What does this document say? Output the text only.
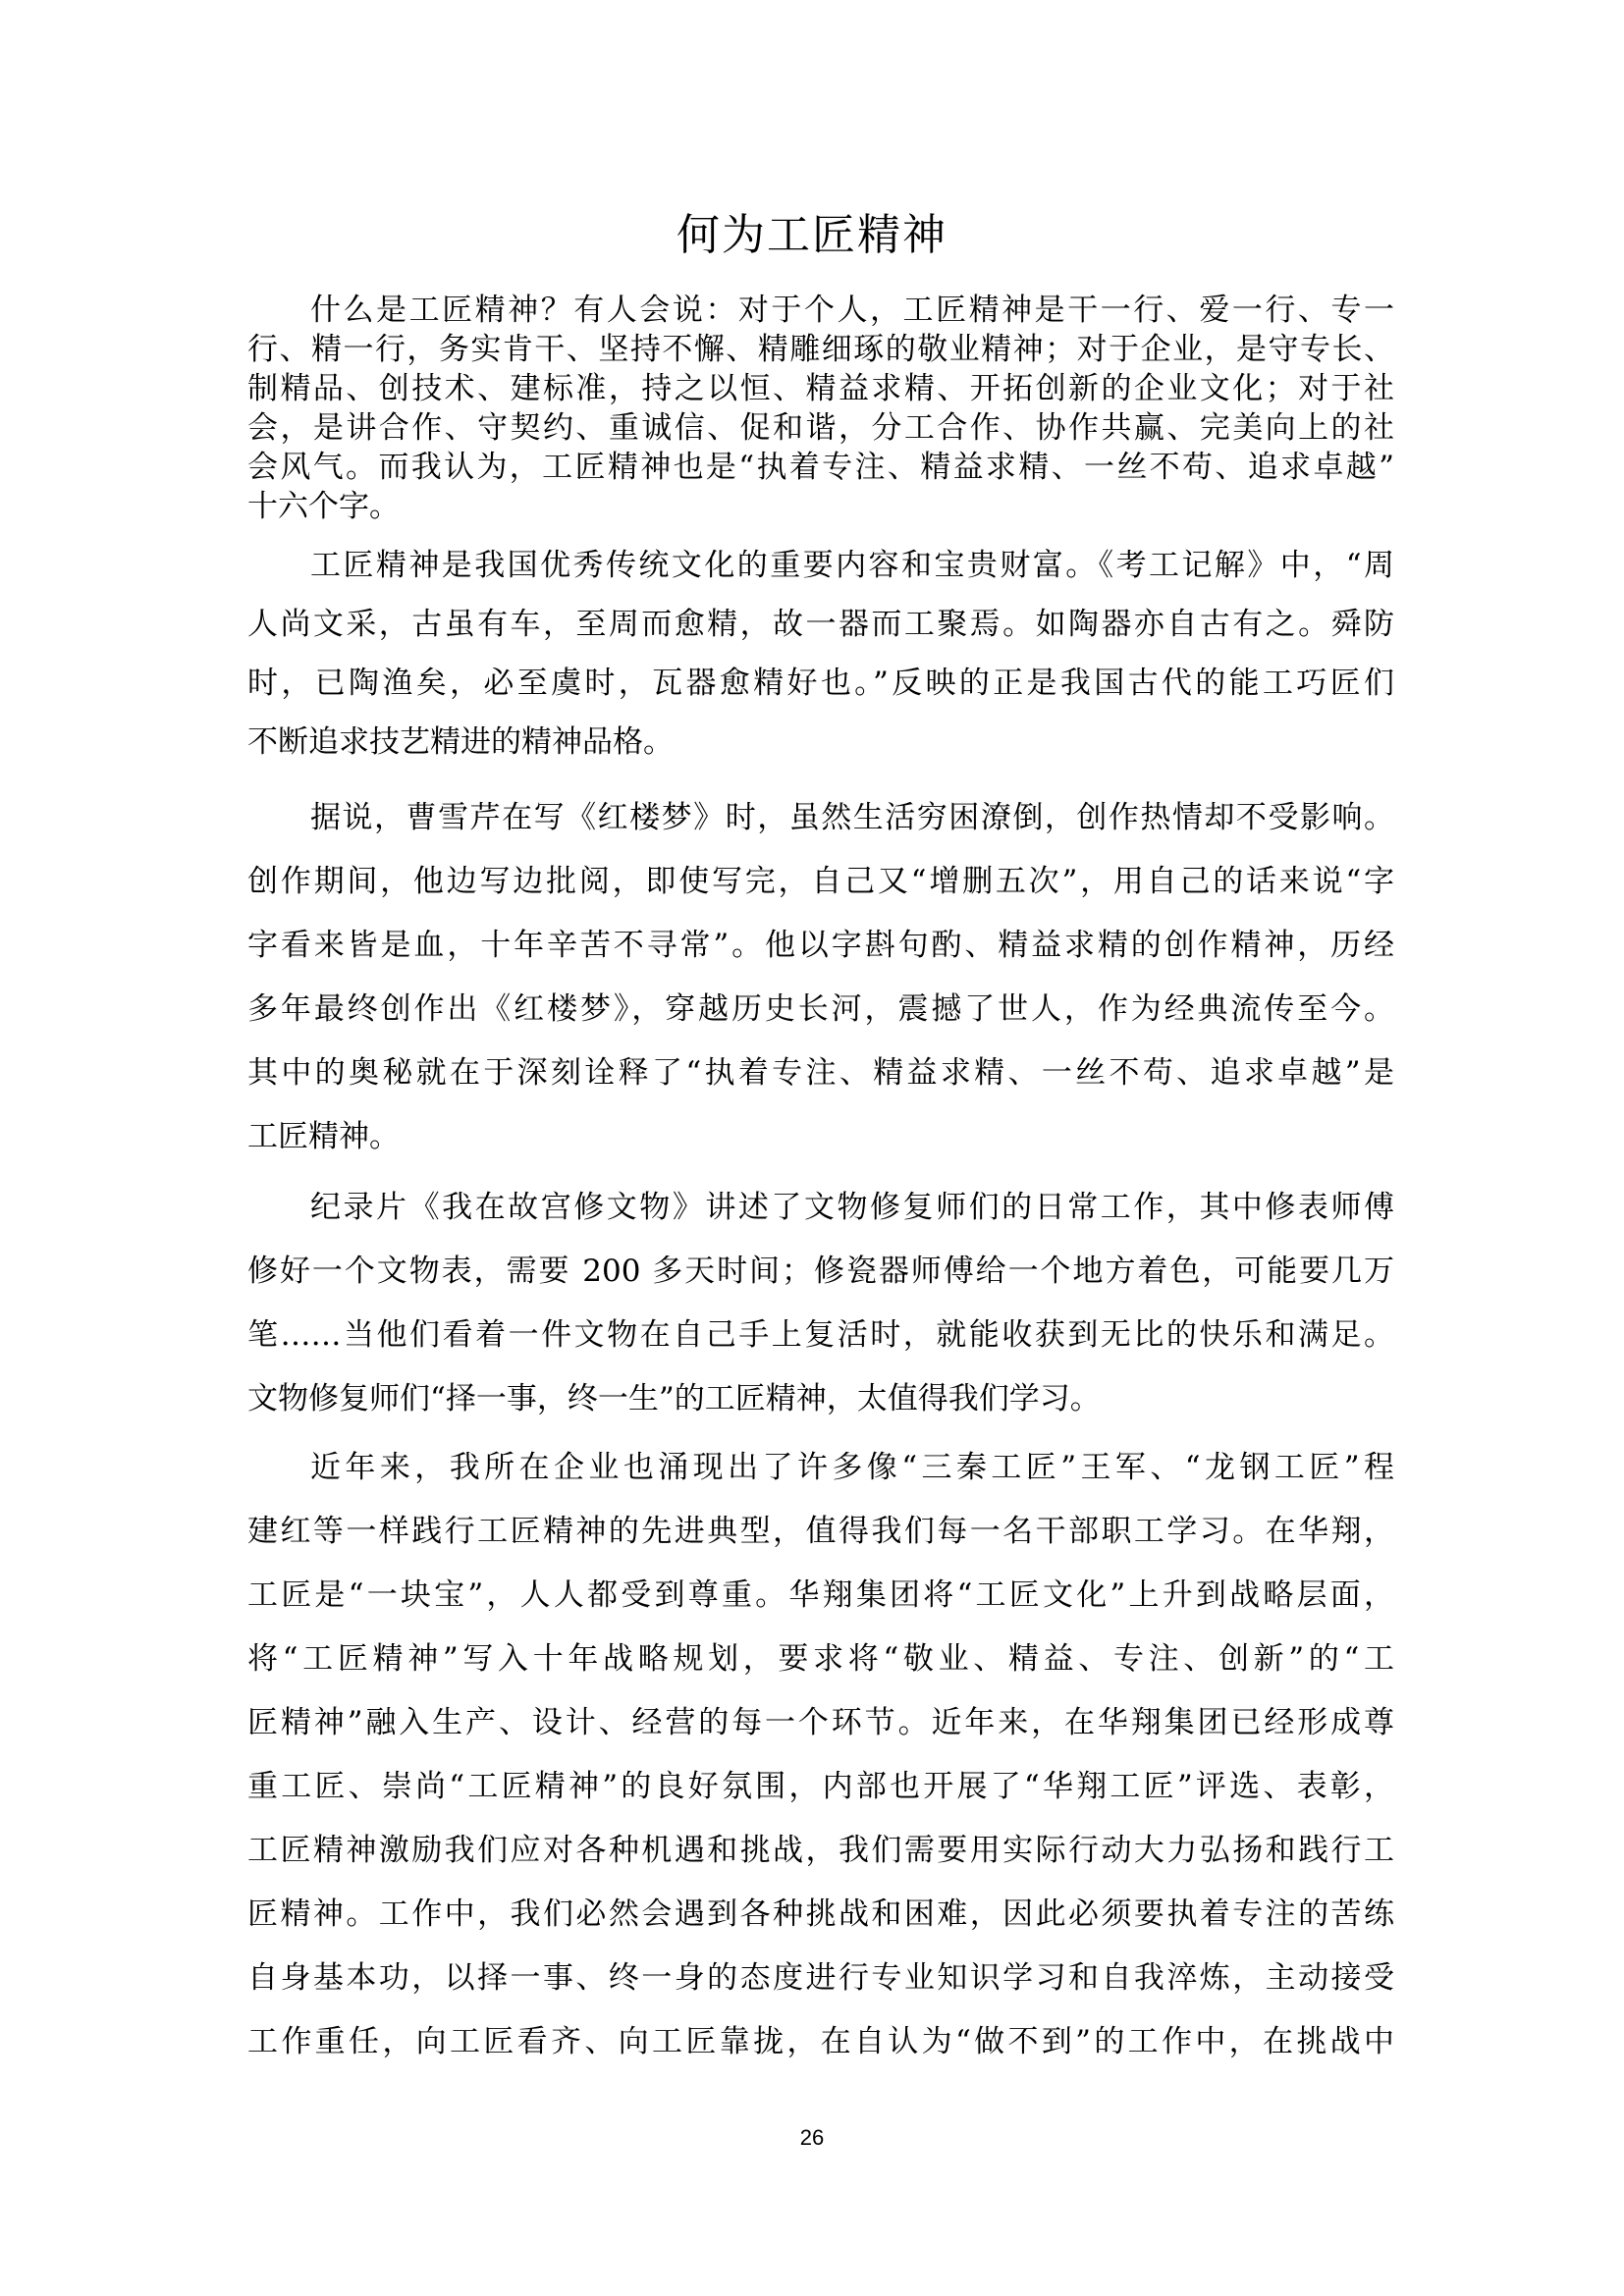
何为工匠精神
什么是工匠精神？有人会说：对于个人，工匠精神是干一行、爱一行、专一
行、精一行，务实肯干、坚持不懈、精雕细琢的敬业精神；对于企业，是守专长、
制精品、创技术、建标准，持之以恒、精益求精、开拓创新的企业文化；对于社
会，是讲合作、守契约、重诚信、促和谐，分工合作、协作共赢、完美向上的社
会风气。而我认为，工匠精神也是“执着专注、精益求精、一丝不苟、追求卓越”
十六个字。
工匠精神是我国优秀传统文化的重要内容和宝贵财富。《考工记解》中，“周
人尚文采，古虽有车，至周而愈精，故一器而工聚焉。如陶器亦自古有之。舜防
时，已陶渔矣，必至虞时，瓦器愈精好也。”反映的正是我国古代的能工巧匠们
不断追求技艺精进的精神品格。
据说，曹雪芹在写《红楼梦》时，虽然生活穷困潦倒，创作热情却不受影响。
创作期间，他边写边批阅，即使写完，自己又“增删五次”，用自己的话来说“字
字看来皆是血，十年辛苦不寻常”。他以字斟句酌、精益求精的创作精神，历经
多年最终创作出《红楼梦》，穿越历史长河，震撼了世人，作为经典流传至今。
其中的奥秘就在于深刻诠释了“执着专注、精益求精、一丝不苟、追求卓越”是
工匠精神。
纪录片《我在故宫修文物》讲述了文物修复师们的日常工作，其中修表师傅
修好一个文物表，需要 200 多天时间；修瓷器师傅给一个地方着色，可能要几万
笔……当他们看着一件文物在自己手上复活时，就能收获到无比的快乐和满足。
文物修复师们“择一事，终一生”的工匠精神，太值得我们学习。
近年来，我所在企业也涌现出了许多像“三秦工匠”王军、“龙钢工匠”程
建红等一样践行工匠精神的先进典型，值得我们每一名干部职工学习。在华翔，
工匠是“一块宝”，人人都受到尊重。华翔集团将“工匠文化”上升到战略层面，
将“工匠精神”写入十年战略规划，要求将“敬业、精益、专注、创新”的“工
匠精神”融入生产、设计、经营的每一个环节。近年来，在华翔集团已经形成尊
重工匠、崇尚“工匠精神”的良好氛围，内部也开展了“华翔工匠”评选、表彰，
工匠精神激励我们应对各种机遇和挑战，我们需要用实际行动大力弘扬和践行工
匠精神。工作中，我们必然会遇到各种挑战和困难，因此必须要执着专注的苦练
自身基本功，以择一事、终一身的态度进行专业知识学习和自我淬炼，主动接受
工作重任，向工匠看齐、向工匠靠拢，在自认为“做不到”的工作中，在挑战中
26
